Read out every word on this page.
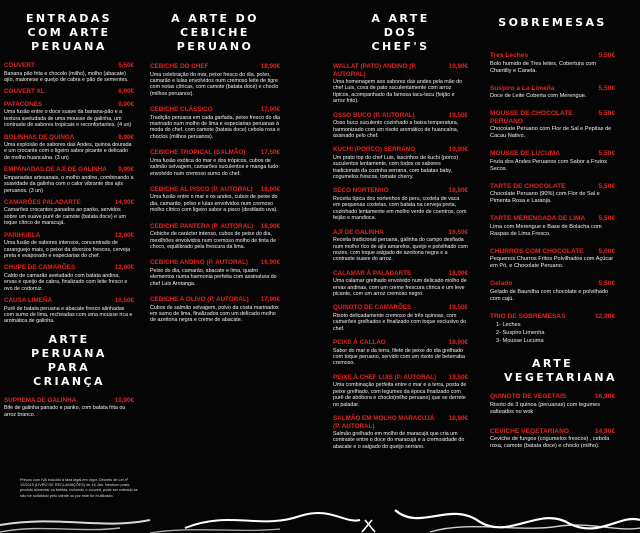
ENTRADAS COM ARTE PERUANA
COUVERT	5,50€
Banana pão frita e chocolo (milho), molho (abacate) ajío, maionese e queijo de cabra e pão de sementes.
COUVERT XL	6,90€
PATACONES	9,90€
Uma fusão entre o doce suave da banana-pão e a textura aveludada de uma mousse de galinha, um contraste de sabores tropicais e reconfortantes. (4 un)
BOLINHAS DE QUINOA	8,90€
Uma explosão de sabores das Andes, quinoa dourada e um crocante com o ligeiro sabor picante e delicado de molho huancaína. (3 un)
EMPANADAS DE AJÍ DE GALINHA	9,90€
Empanadas artesanais, o molho andino, combinando a suavidade da galinha com o calor vibrante dos ajís peruanos. (3 un)
CAMARÕES PALADARTE	14,90€
Camarões crocantes panados ao panko, servidos sobre um suave purê de camote (batata doce) e um toque cítrico de maracujá.
PARIHUELA	12,90€
Uma fusão de sabores intensos, concentrado de caranguejo mais, o peixe da diversos frescos, cerveja preta e evaporado e especiarias do chef.
CHUPE DE CAMARÕES	12,90€
Caldo de camarão aveludado com batata andina, ervas e queijo de cabra, finalizado com leite fresco e ovo de codorniz.
CAUSA LIMEÑA	10,50€
Purê de batata peruana e abacate fresco alinhadas com sumo de lima, recheadas com uma mousse rica e aromática de galinha.
ARTE PERUANA PARA CRIANÇA
SUPREMA DE GALINHA	10,90€
Bife de galinha panado e panko, com batata frita ou arroz branco.
A ARTE DO CEBICHE PERUANO
CEBICHE DO CHEF	18,90€
Uma celebração do mar, peixe fresco do dia, polvo, camarão e lulas envolvidos num cremoso leite de tigre com notas cítricas, com camote (batata doce) e choclo (milhos peruanos).
CEBICHE CLÁSSICO	17,90€
Tradição peruana em cada garfada, peixe fresco do dia marinado num molho de lima e especiarias peruanas à moda do chef, com camote (batata doce) cebola roxa e choclos (milhos peruanos).
CEBICHE TROPICAL (SALMÃO)	17,50€
Uma fusão exótica do mar e dos trópicos, cubos de salmão selvagem, camarões suculentos e manga tudo envolvido num cremoso sumo do chef.
CEBICHE AL PISCO (P. AUTORAL)	18,90€
Uma fusão entre o mar e os andes, cubos de peixe do dia, camarão, polvo e lulas envolvidos num cremoso molho cítrico com ligeiro sabor a pisco (destilado uva).
CEBICHE PANTERA (P. AUTORAL)	16,90€
Cebiche de carácter intenso, cubos de peixe do dia, mexilhões envolvidos num cremoso molho de tinta de choco, equilibrado pela frescura da lima.
CEBICHE ANDINO (P. AUTORAL)	16,90€
Peixe do dia, camarão, abacate e lima, quatro elementos numa harmonia perfeita com assinatura do chef Luis Arotanga.
CEBICHE A OLIVO (P. AUTORAL)	17,90€
Cubos de salmão selvagem, polvo da costa marinados em sumo de lima, finalizados com um delicado molho de azeitona negra e creme de abacate.
A ARTE DOS CHEF'S
WALLAT (PATO) ANDINO (P. AUTORAL)
19,90€
Uma homenagem aos sabores das andes pela mão do chef Luis, coxa de pato suculentamente com arroz típicos, acompanhado da famosa tacu-tacu (feijão e arroz frito).
OSSO BUCO (P. AUTORAL)	19,50€
Osso buco suculento cozinhado a baixa temperatura, harmonizado com um risoto aromático de huancaína, assinado pelo chef.
KUCHI (PORCO) SERRANO	19,90€
Um prato top do chef Luis, lascinhos de kuchi (porco) suculentos lentamente, com todos os sabores tradicionais da cozinha serrana, com batatas baby, cogumelos frescos, tomate cherry.
SECO NORTENHO	18,50€
Receita típica dos nortenhos do peru, costela de vaca em pequenas costelas, com batata na cerveja preta, cozinhado lentamente em molho verde de coentros, com feijão e mandioca.
AJÍ DE GALINHA	16,50€
Receita tradicional peruana, galinha do campo desfiada num molho rico de ajís amarelos, queijo e polvilhado com nozes, com toque salgado de azeitona negra e a contraste suave do arroz.
CALAMAR À PALADARTE	18,90€
Uma calamar grelhado envolvido num delicado molho de ervas andinas, com um creme frescura cítrica e um leve picante, com um arroz cremoso negro.
QUINOTO DE CAMARÕES	19,50€
Risoto delicadamente cremoso de três quinoas, com camarões grelhados e finalizado com toque exclusivo do chef.
PEIXE À CALLAO	18,90€
Sabor do mar e da terra, filete de peixe do dia grelhado com toque peruano, servido com um risoto de beterraba cremoso.
PEIXE À CHEF LUIS (P. AUTORAL)	19,50€
Uma combinação perfeita entre o mar e a terra, posta de peixe grelhado, com legumes da época finalizado com purê de abóbora e choclo(milho peruano) que se derrete no paladar.
SALMÃO EM MOLHO MARACUJÁ (P. AUTORAL)
18,90€
Salmão grelhado em molho de maracujá que cria um contraste entre o doce do maracujá e a cremosidade do abacate e o salgado do queijo serrano.
SOBREMESAS
Tres Leches	5,50€
Bolo humido de Tres leites, Cobertura com Chantilly e Canela.
Suspiro a La Limeña	5,50€
Doce de Leite Coberta com Merengue.
MOUSSE DE CHOCOLATE PERUANO
5,50€
Chocolate Peruano com Flor de Sal e Pepitas de Cacau Nativo.
MOUSSE DE LUCUMA	5,50€
Fruta dos Andes Peruanos com Sabor a Frutos Secos.
TARTE DE CHOCOLATE	5,50€
Chocolate Peruano (90%) com Flor de Sal e Pimenta Rosa e Laranja.
TARTE MERENGADA DE LIMA	5,50€
Lima com Merengue e Base de Bolacha com Raspas de Lima Fresco.
CHURROS COM CHOCOLATE	5,00€
Pequenos Churros Fritos Polvilhados com Açúcar em Pó, e Chocolate Peruano.
Gelado	5,50€
Gelado de Baunilha com chocolate e polvilhado com cajú.
TRIO DE SOBREMESAS	12,90€
1- Leches
2- Suspiro Limenha
3- Mousse Lucuma
ARTE VEGETARIANA
QUINOTO DE VEGETAIS	16,90€
Risoto de 3 quinoa (peruanas) com legumes salteados no wok
CEVICHE VEGETARIANO	14,90€
Ceviche de fungos (cogumelos frescos) , cebola roxa, camote (batata doce) e choclo (milho).
Preços com IVA incluído à taxa legal em vigor. Decreto de Lei nº 10/2015 (LIVRO DE RECLAMAÇÕES) de 16 Jan. Nenhum prato, produto alimentar ou bebida, incluindo o couvert, pode ser cobrado se não for solicitado pelo cliente ou por este for inutilizado.
